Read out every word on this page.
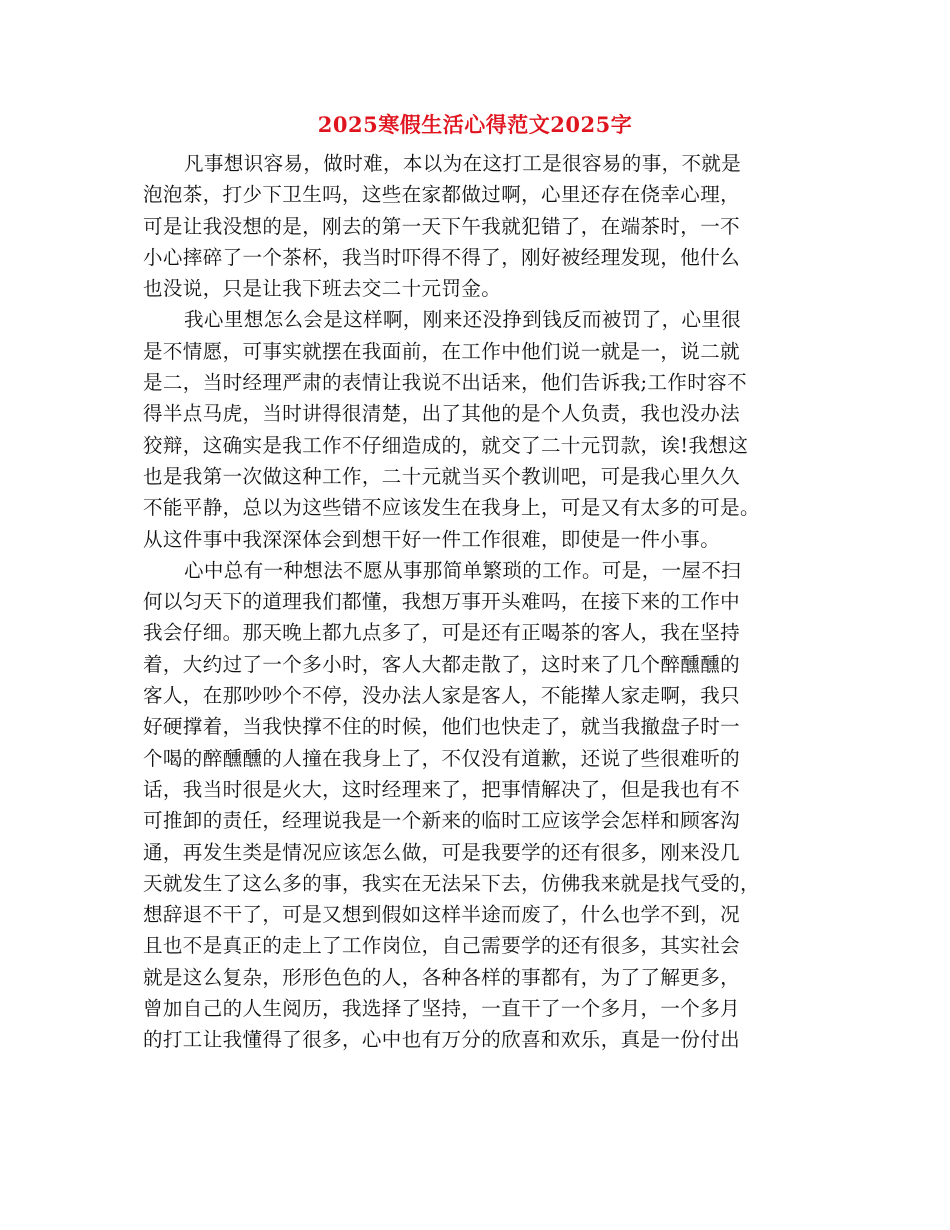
2025寒假生活心得范文2025字
凡事想识容易，做时难，本以为在这打工是很容易的事，不就是
泡泡茶，打少下卫生吗，这些在家都做过啊，心里还存在侥幸心理，
可是让我没想的是，刚去的第一天下午我就犯错了，在端茶时，一不
小心摔碎了一个茶杯，我当时吓得不得了，刚好被经理发现，他什么
也没说，只是让我下班去交二十元罚金。
我心里想怎么会是这样啊，刚来还没挣到钱反而被罚了，心里很
是不情愿，可事实就摆在我面前，在工作中他们说一就是一，说二就
是二，当时经理严肃的表情让我说不出话来，他们告诉我;工作时容不
得半点马虎，当时讲得很清楚，出了其他的是个人负责，我也没办法
狡辩，这确实是我工作不仔细造成的，就交了二十元罚款，诶!我想这
也是我第一次做这种工作，二十元就当买个教训吧，可是我心里久久
不能平静，总以为这些错不应该发生在我身上，可是又有太多的可是。
从这件事中我深深体会到想干好一件工作很难，即使是一件小事。
心中总有一种想法不愿从事那简单繁琐的工作。可是，一屋不扫
何以匀天下的道理我们都懂，我想万事开头难吗，在接下来的工作中
我会仔细。那天晚上都九点多了，可是还有正喝茶的客人，我在坚持
着，大约过了一个多小时，客人大都走散了，这时来了几个醉醺醺的
客人，在那吵吵个不停，没办法人家是客人，不能撵人家走啊，我只
好硬撑着，当我快撑不住的时候，他们也快走了，就当我撤盘子时一
个喝的醉醺醺的人撞在我身上了，不仅没有道歉，还说了些很难听的
话，我当时很是火大，这时经理来了，把事情解决了，但是我也有不
可推卸的责任，经理说我是一个新来的临时工应该学会怎样和顾客沟
通，再发生类是情况应该怎么做，可是我要学的还有很多，刚来没几
天就发生了这么多的事，我实在无法呆下去，仿佛我来就是找气受的，
想辞退不干了，可是又想到假如这样半途而废了，什么也学不到，况
且也不是真正的走上了工作岗位，自己需要学的还有很多，其实社会
就是这么复杂，形形色色的人，各种各样的事都有，为了了解更多，
曾加自己的人生阅历，我选择了坚持，一直干了一个多月，一个多月
的打工让我懂得了很多，心中也有万分的欣喜和欢乐，真是一份付出
